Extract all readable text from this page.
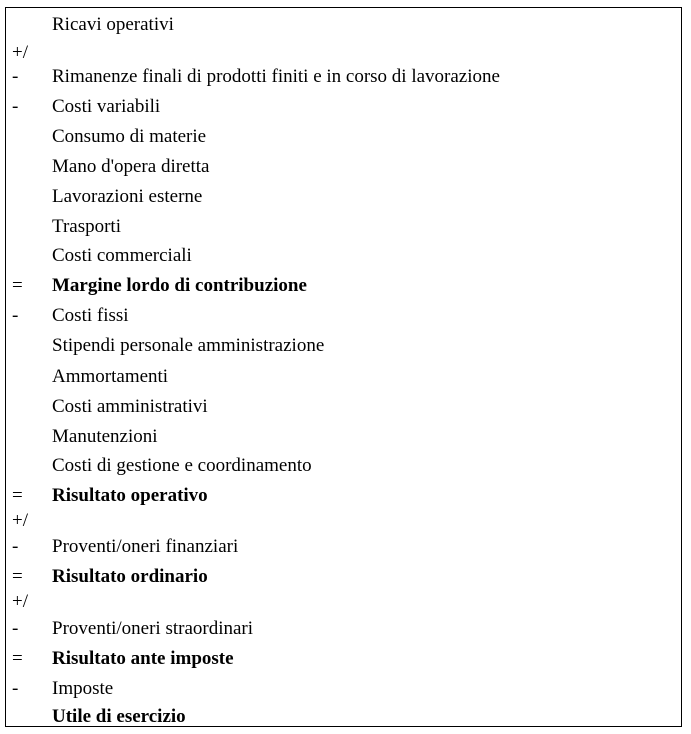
Ricavi operativi
+/
- Rimanenze finali di prodotti finiti e in corso di lavorazione
- Costi variabili
Consumo di materie
Mano d'opera diretta
Lavorazioni esterne
Trasporti
Costi commerciali
= Margine lordo di contribuzione
- Costi fissi
Stipendi personale amministrazione
Ammortamenti
Costi amministrativi
Manutenzioni
Costi di gestione e coordinamento
= Risultato operativo
+/
- Proventi/oneri finanziari
= Risultato ordinario
+/
- Proventi/oneri straordinari
= Risultato ante imposte
- Imposte
Utile di esercizio
